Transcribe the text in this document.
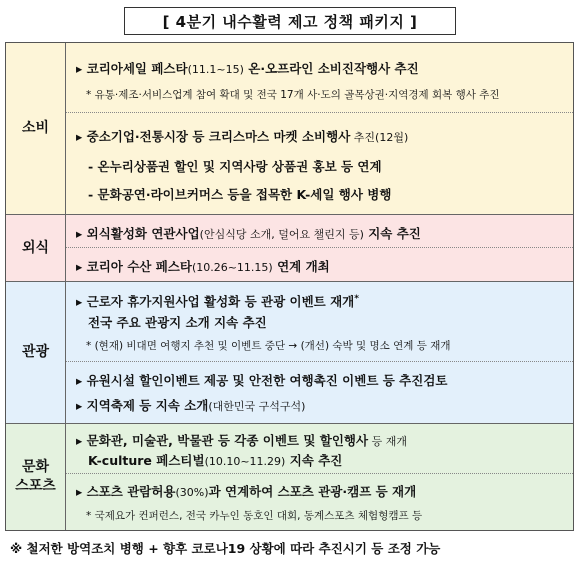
[ 4분기 내수활력 제고 정책 패키지 ]
소비
▸ 코리아세일 페스타(11.1~15) 온·오프라인 소비진작행사 추진
* 유통·제조·서비스업계 참여 확대 및 전국 17개 사·도의 골목상권·지역경제 회복 행사 추진
▸ 중소기업·전통시장 등 크리스마스 마켓 소비행사 추진(12월)
- 온누리상품권 할인 및 지역사랑 상품권 홍보 등 연계
- 문화공연·라이브커머스 등을 접목한 K-세일 행사 병행
외식
▸ 외식활성화 연관사업(안심식당 소개, 덜어요 챌린지 등) 지속 추진
▸ 코리아 수산 페스타(10.26~11.15) 연계 개최
관광
▸ 근로자 휴가지원사업 활성화 등 관광 이벤트 재개*
전국 주요 관광지 소개 지속 추진
* (현재) 비대면 여행지 추천 및 이벤트 중단 → (개선) 숙박 및 명소 연계 등 재개
▸ 유원시설 할인이벤트 제공 및 안전한 여행촉진 이벤트 등 추진검토
▸ 지역축제 등 지속 소개(대한민국 구석구석)
문화
스포츠
▸ 문화관, 미술관, 박물관 등 각종 이벤트 및 할인행사 등 재개
K-culture 페스티벌(10.10~11.29) 지속 추진
▸ 스포츠 관람허용(30%)과 연계하여 스포츠 관광·캠프 등 재개
* 국제요가 컨퍼런스, 전국 카누인 동호인 대회, 동계스포츠 체험형캠프 등
※ 철저한 방역조치 병행 + 향후 코로나19 상황에 따라 추진시기 등 조정 가능
